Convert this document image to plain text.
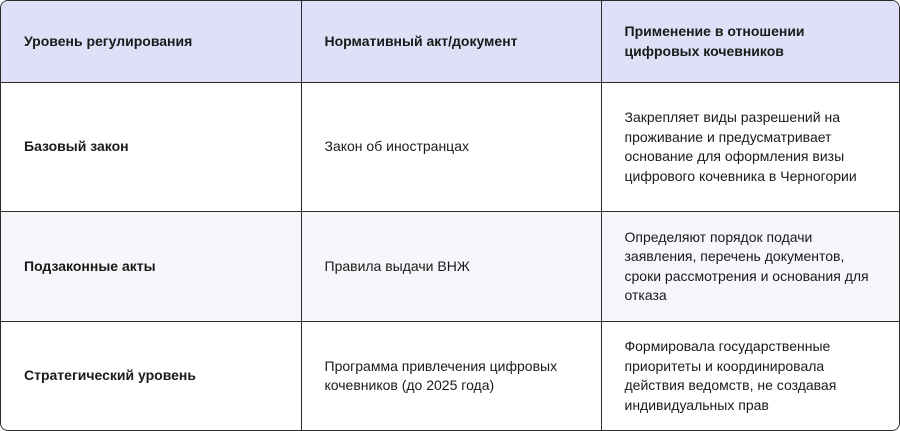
Уровень регулирования	Нормативный акт/документ	Применение в отношении цифровых кочевников
Базовый закон	Закон об иностранцах	Закрепляет виды разрешений на проживание и предусматривает основание для оформления визы цифрового кочевника в Черногории
Подзаконные акты	Правила выдачи ВНЖ	Определяют порядок подачи заявления, перечень документов, сроки рассмотрения и основания для отказа
Стратегический уровень	Программа привлечения цифровых кочевников (до 2025 года)	Формировала государственные приоритеты и координировала действия ведомств, не создавая индивидуальных прав
